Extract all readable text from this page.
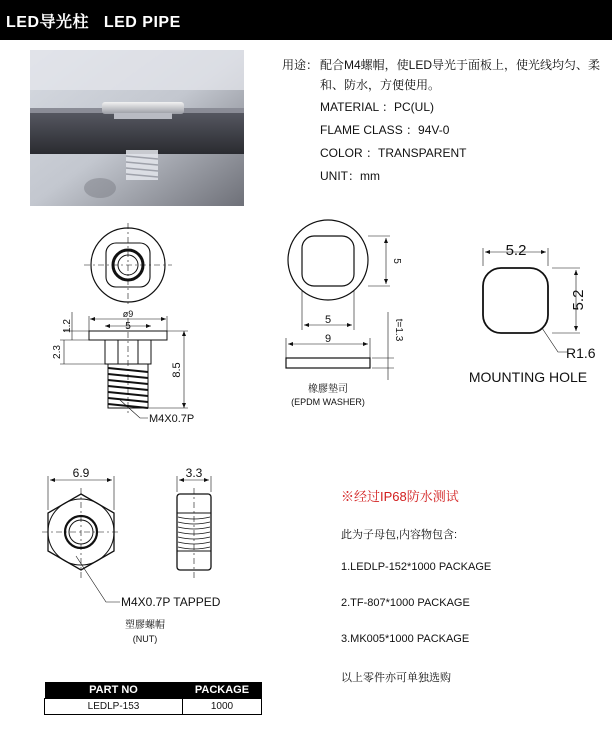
LED导光柱   LED PIPE
用途： 配合M4螺帽，使LED导光于面板上，使光线均匀、柔
和、防水，方便使用。
MATERIAL ：PC(UL)
FLAME CLASS ：94V-0
COLOR ：TRANSPARENT
UNIT：mm
ø9
5
1.2
2.3
8.5
M4X0.7P
5
5
9	t=1.3
橡膠墊司
(EPDM WASHER)
5.2
5.2
R1.6
MOUNTING HOLE
6.9	3.3
M4X0.7P TAPPED
塑膠螺帽
(NUT)
※经过IP68防水测试
此为子母包,内容物包含:
1.LEDLP-152*1000 PACKAGE
2.TF-807*1000 PACKAGE
3.MK005*1000 PACKAGE
以上零件亦可单独选购
PART NO	PACKAGE
LEDLP-153	1000
